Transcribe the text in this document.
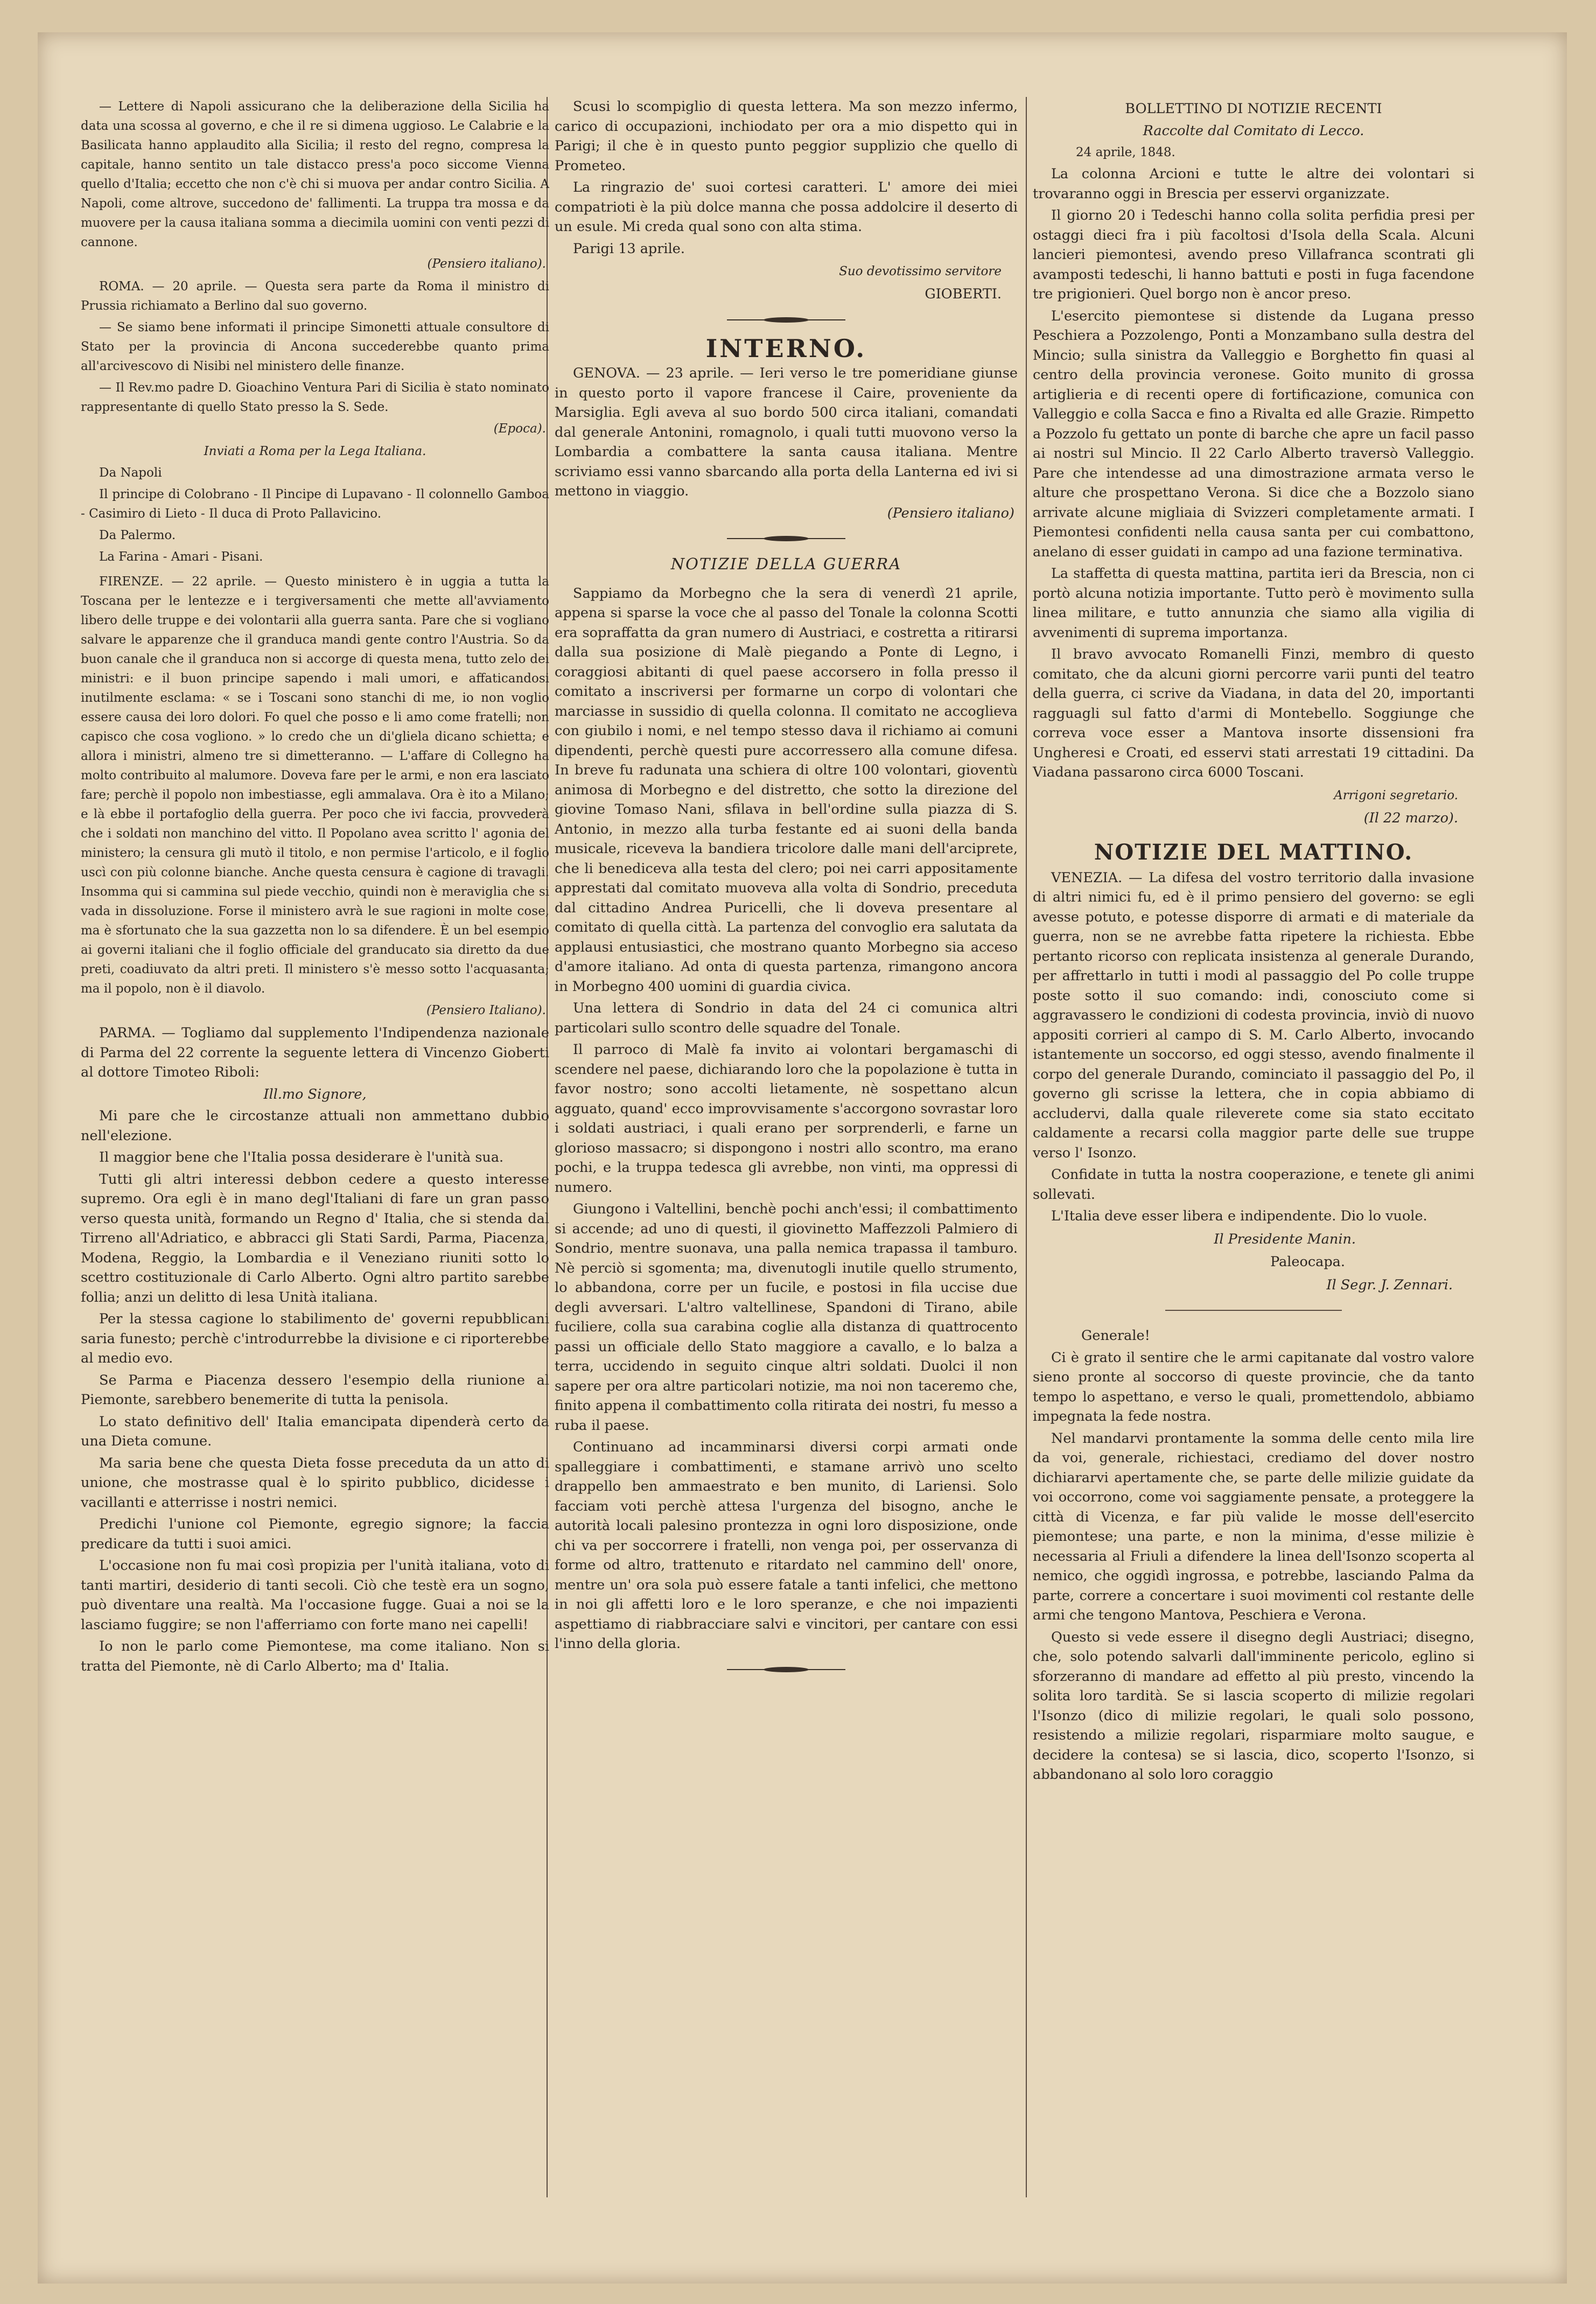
— Lettere di Napoli assicurano che la deliberazione della Sicilia ha data una scossa al governo, e che il re si dimena uggioso. Le Calabrie e la Basilicata hanno applaudito alla Sicilia; il resto del regno, compresa la capitale, hanno sentito un tale distacco press'a poco siccome Vienna quello d'Italia; eccetto che non c'è chi si muova per andar contro Sicilia. A Napoli, come altrove, succedono de' fallimenti. La truppa tra mossa e da muovere per la causa italiana somma a diecimila uomini con venti pezzi di cannone.

(Pensiero italiano).

ROMA. — 20 aprile. — Questa sera parte da Roma il ministro di Prussia richiamato a Berlino dal suo governo.

— Se siamo bene informati il principe Simonetti attuale consultore di Stato per la provincia di Ancona succederebbe quanto prima all'arcivescovo di Nisibi nel ministero delle finanze.

— Il Rev.mo padre D. Gioachino Ventura Pari di Sicilia è stato nominato rappresentante di quello Stato presso la S. Sede.

(Epoca).

Inviati a Roma per la Lega Italiana.

Da Napoli

Il principe di Colobrano - Il Pincipe di Lupavano - Il colonnello Gamboa - Casimiro di Lieto - Il duca di Proto Pallavicino.

Da Palermo.

La Farina - Amari - Pisani.

FIRENZE. — 22 aprile. — Questo ministero è in uggia a tutta la Toscana per le lentezze e i tergiversamenti che mette all'avviamento libero delle truppe e dei volontarii alla guerra santa. Pare che si vogliano salvare le apparenze che il granduca mandi gente contro l'Austria. So da buon canale che il granduca non si accorge di questa mena, tutto zelo dei ministri: e il buon principe sapendo i mali umori, e affaticandosi inutilmente esclama: « se i Toscani sono stanchi di me, io non voglio essere causa dei loro dolori. Fo quel che posso e li amo come fratelli; non capisco che cosa vogliono. » lo credo che un di'gliela dicano schietta; e allora i ministri, almeno tre si dimetteranno. — L'affare di Collegno ha molto contribuito al malumore. Doveva fare per le armi, e non era lasciato fare; perchè il popolo non imbestiasse, egli ammalava. Ora è ito a Milano; e là ebbe il portafoglio della guerra. Per poco che ivi faccia, provvederà che i soldati non manchino del vitto. Il Popolano avea scritto l' agonia del ministero; la censura gli mutò il titolo, e non permise l'articolo, e il foglio uscì con più colonne bianche. Anche questa censura è cagione di travagli. Insomma qui si cammina sul piede vecchio, quindi non è meraviglia che si vada in dissoluzione. Forse il ministero avrà le sue ragioni in molte cose, ma è sfortunato che la sua gazzetta non lo sa difendere. È un bel esempio ai governi italiani che il foglio officiale del granducato sia diretto da due preti, coadiuvato da altri preti. Il ministero s'è messo sotto l'acquasanta; ma il popolo, non è il diavolo.

(Pensiero Italiano).

PARMA. — Togliamo dal supplemento l'Indipendenza nazionale di Parma del 22 corrente la seguente lettera di Vincenzo Gioberti al dottore Timoteo Riboli:

Ill.mo Signore,

Mi pare che le circostanze attuali non ammettano dubbio nell'elezione.

Il maggior bene che l'Italia possa desiderare è l'unità sua.

Tutti gli altri interessi debbon cedere a questo interesse supremo. Ora egli è in mano degl'Italiani di fare un gran passo verso questa unità, formando un Regno d' Italia, che si stenda dal Tirreno all'Adriatico, e abbracci gli Stati Sardi, Parma, Piacenza, Modena, Reggio, la Lombardia e il Veneziano riuniti sotto lo scettro costituzionale di Carlo Alberto. Ogni altro partito sarebbe follia; anzi un delitto di lesa Unità italiana.

Per la stessa cagione lo stabilimento de' governi repubblicani saria funesto; perchè c'introdurrebbe la divisione e ci riporterebbe al medio evo.

Se Parma e Piacenza dessero l'esempio della riunione al Piemonte, sarebbero benemerite di tutta la penisola.

Lo stato definitivo dell' Italia emancipata dipenderà certo da una Dieta comune.

Ma saria bene che questa Dieta fosse preceduta da un atto di unione, che mostrasse qual è lo spirito pubblico, dicidesse i vacillanti e atterrisse i nostri nemici.

Predichi l'unione col Piemonte, egregio signore; la faccia predicare da tutti i suoi amici.

L'occasione non fu mai così propizia per l'unità italiana, voto di tanti martiri, desiderio di tanti secoli. Ciò che testè era un sogno, può diventare una realtà. Ma l'occasione fugge. Guai a noi se la lasciamo fuggire; se non l'afferriamo con forte mano nei capelli!

Io non le parlo come Piemontese, ma come italiano. Non si tratta del Piemonte, nè di Carlo Alberto; ma d' Italia.

Scusi lo scompiglio di questa lettera. Ma son mezzo infermo, carico di occupazioni, inchiodato per ora a mio dispetto qui in Parigi; il che è in questo punto peggior supplizio che quello di Prometeo.

La ringrazio de' suoi cortesi caratteri. L' amore dei miei compatrioti è la più dolce manna che possa addolcire il deserto di un esule. Mi creda qual sono con alta stima.

Parigi 13 aprile.

Suo devotissimo servitore

GIOBERTI.

INTERNO.

GENOVA. — 23 aprile. — Ieri verso le tre pomeridiane giunse in questo porto il vapore francese il Caire, proveniente da Marsiglia. Egli aveva al suo bordo 500 circa italiani, comandati dal generale Antonini, romagnolo, i quali tutti muovono verso la Lombardia a combattere la santa causa italiana. Mentre scriviamo essi vanno sbarcando alla porta della Lanterna ed ivi si mettono in viaggio.

(Pensiero italiano)

NOTIZIE DELLA GUERRA

Sappiamo da Morbegno che la sera di venerdì 21 aprile, appena si sparse la voce che al passo del Tonale la colonna Scotti era sopraffatta da gran numero di Austriaci, e costretta a ritirarsi dalla sua posizione di Malè piegando a Ponte di Legno, i coraggiosi abitanti di quel paese accorsero in folla presso il comitato a inscriversi per formarne un corpo di volontari che marciasse in sussidio di quella colonna. Il comitato ne accoglieva con giubilo i nomi, e nel tempo stesso dava il richiamo ai comuni dipendenti, perchè questi pure accorressero alla comune difesa. In breve fu radunata una schiera di oltre 100 volontari, gioventù animosa di Morbegno e del distretto, che sotto la direzione del giovine Tomaso Nani, sfilava in bell'ordine sulla piazza di S. Antonio, in mezzo alla turba festante ed ai suoni della banda musicale, riceveva la bandiera tricolore dalle mani dell'arciprete, che li benediceva alla testa del clero; poi nei carri appositamente apprestati dal comitato muoveva alla volta di Sondrio, preceduta dal cittadino Andrea Puricelli, che li doveva presentare al comitato di quella città. La partenza del convoglio era salutata da applausi entusiastici, che mostrano quanto Morbegno sia acceso d'amore italiano. Ad onta di questa partenza, rimangono ancora in Morbegno 400 uomini di guardia civica.

Una lettera di Sondrio in data del 24 ci comunica altri particolari sullo scontro delle squadre del Tonale.

Il parroco di Malè fa invito ai volontari bergamaschi di scendere nel paese, dichiarando loro che la popolazione è tutta in favor nostro; sono accolti lietamente, nè sospettano alcun agguato, quand' ecco improvvisamente s'accorgono sovrastar loro i soldati austriaci, i quali erano per sorprenderli, e farne un glorioso massacro; si dispongono i nostri allo scontro, ma erano pochi, e la truppa tedesca gli avrebbe, non vinti, ma oppressi di numero.

Giungono i Valtellini, benchè pochi anch'essi; il combattimento si accende; ad uno di questi, il giovinetto Maffezzoli Palmiero di Sondrio, mentre suonava, una palla nemica trapassa il tamburo. Nè perciò si sgomenta; ma, divenutogli inutile quello strumento, lo abbandona, corre per un fucile, e postosi in fila uccise due degli avversari. L'altro valtellinese, Spandoni di Tirano, abile fuciliere, colla sua carabina coglie alla distanza di quattrocento passi un officiale dello Stato maggiore a cavallo, e lo balza a terra, uccidendo in seguito cinque altri soldati. Duolci il non sapere per ora altre particolari notizie, ma noi non taceremo che, finito appena il combattimento colla ritirata dei nostri, fu messo a ruba il paese.

Continuano ad incamminarsi diversi corpi armati onde spalleggiare i combattimenti, e stamane arrivò uno scelto drappello ben ammaestrato e ben munito, di Lariensi. Solo facciam voti perchè attesa l'urgenza del bisogno, anche le autorità locali palesino prontezza in ogni loro disposizione, onde chi va per soccorrere i fratelli, non venga poi, per osservanza di forme od altro, trattenuto e ritardato nel cammino dell' onore, mentre un' ora sola può essere fatale a tanti infelici, che mettono in noi gli affetti loro e le loro speranze, e che noi impazienti aspettiamo di riabbracciare salvi e vincitori, per cantare con essi l'inno della gloria.

BOLLETTINO DI NOTIZIE RECENTI

Raccolte dal Comitato di Lecco.

24 aprile, 1848.

La colonna Arcioni e tutte le altre dei volontari si trovaranno oggi in Brescia per esservi organizzate.

Il giorno 20 i Tedeschi hanno colla solita perfidia presi per ostaggi dieci fra i più facoltosi d'Isola della Scala. Alcuni lancieri piemontesi, avendo preso Villafranca scontrati gli avamposti tedeschi, li hanno battuti e posti in fuga facendone tre prigionieri. Quel borgo non è ancor preso.

L'esercito piemontese si distende da Lugana presso Peschiera a Pozzolengo, Ponti a Monzambano sulla destra del Mincio; sulla sinistra da Valleggio e Borghetto fin quasi al centro della provincia veronese. Goito munito di grossa artiglieria e di recenti opere di fortificazione, comunica con Valleggio e colla Sacca e fino a Rivalta ed alle Grazie. Rimpetto a Pozzolo fu gettato un ponte di barche che apre un facil passo ai nostri sul Mincio. Il 22 Carlo Alberto traversò Valleggio. Pare che intendesse ad una dimostrazione armata verso le alture che prospettano Verona. Si dice che a Bozzolo siano arrivate alcune migliaia di Svizzeri completamente armati. I Piemontesi confidenti nella causa santa per cui combattono, anelano di esser guidati in campo ad una fazione terminativa.

La staffetta di questa mattina, partita ieri da Brescia, non ci portò alcuna notizia importante. Tutto però è movimento sulla linea militare, e tutto annunzia che siamo alla vigilia di avvenimenti di suprema importanza.

Il bravo avvocato Romanelli Finzi, membro di questo comitato, che da alcuni giorni percorre varii punti del teatro della guerra, ci scrive da Viadana, in data del 20, importanti ragguagli sul fatto d'armi di Montebello. Soggiunge che correva voce esser a Mantova insorte dissensioni fra Ungheresi e Croati, ed esservi stati arrestati 19 cittadini. Da Viadana passarono circa 6000 Toscani.

Arrigoni segretario.

(Il 22 marzo).

NOTIZIE DEL MATTINO.

VENEZIA. — La difesa del vostro territorio dalla invasione di altri nimici fu, ed è il primo pensiero del governo: se egli avesse potuto, e potesse disporre di armati e di materiale da guerra, non se ne avrebbe fatta ripetere la richiesta. Ebbe pertanto ricorso con replicata insistenza al generale Durando, per affrettarlo in tutti i modi al passaggio del Po colle truppe poste sotto il suo comando: indi, conosciuto come si aggravassero le condizioni di codesta provincia, inviò di nuovo appositi corrieri al campo di S. M. Carlo Alberto, invocando istantemente un soccorso, ed oggi stesso, avendo finalmente il corpo del generale Durando, cominciato il passaggio del Po, il governo gli scrisse la lettera, che in copia abbiamo di accludervi, dalla quale rileverete come sia stato eccitato caldamente a recarsi colla maggior parte delle sue truppe verso l' Isonzo.

Confidate in tutta la nostra cooperazione, e tenete gli animi sollevati.

L'Italia deve esser libera e indipendente. Dio lo vuole.

Il Presidente Manin.

Paleocapa.

Il Segr. J. Zennari.

Generale!

Ci è grato il sentire che le armi capitanate dal vostro valore sieno pronte al soccorso di queste provincie, che da tanto tempo lo aspettano, e verso le quali, promettendolo, abbiamo impegnata la fede nostra.

Nel mandarvi prontamente la somma delle cento mila lire da voi, generale, richiestaci, crediamo del dover nostro dichiararvi apertamente che, se parte delle milizie guidate da voi occorrono, come voi saggiamente pensate, a proteggere la città di Vicenza, e far più valide le mosse dell'esercito piemontese; una parte, e non la minima, d'esse milizie è necessaria al Friuli a difendere la linea dell'Isonzo scoperta al nemico, che oggidì ingrossa, e potrebbe, lasciando Palma da parte, correre a concertare i suoi movimenti col restante delle armi che tengono Mantova, Peschiera e Verona.

Questo si vede essere il disegno degli Austriaci; disegno, che, solo potendo salvarli dall'imminente pericolo, eglino si sforzeranno di mandare ad effetto al più presto, vincendo la solita loro tardità. Se si lascia scoperto di milizie regolari l'Isonzo (dico di milizie regolari, le quali solo possono, resistendo a milizie regolari, risparmiare molto saugue, e decidere la contesa) se si lascia, dico, scoperto l'Isonzo, si abbandonano al solo loro coraggio
